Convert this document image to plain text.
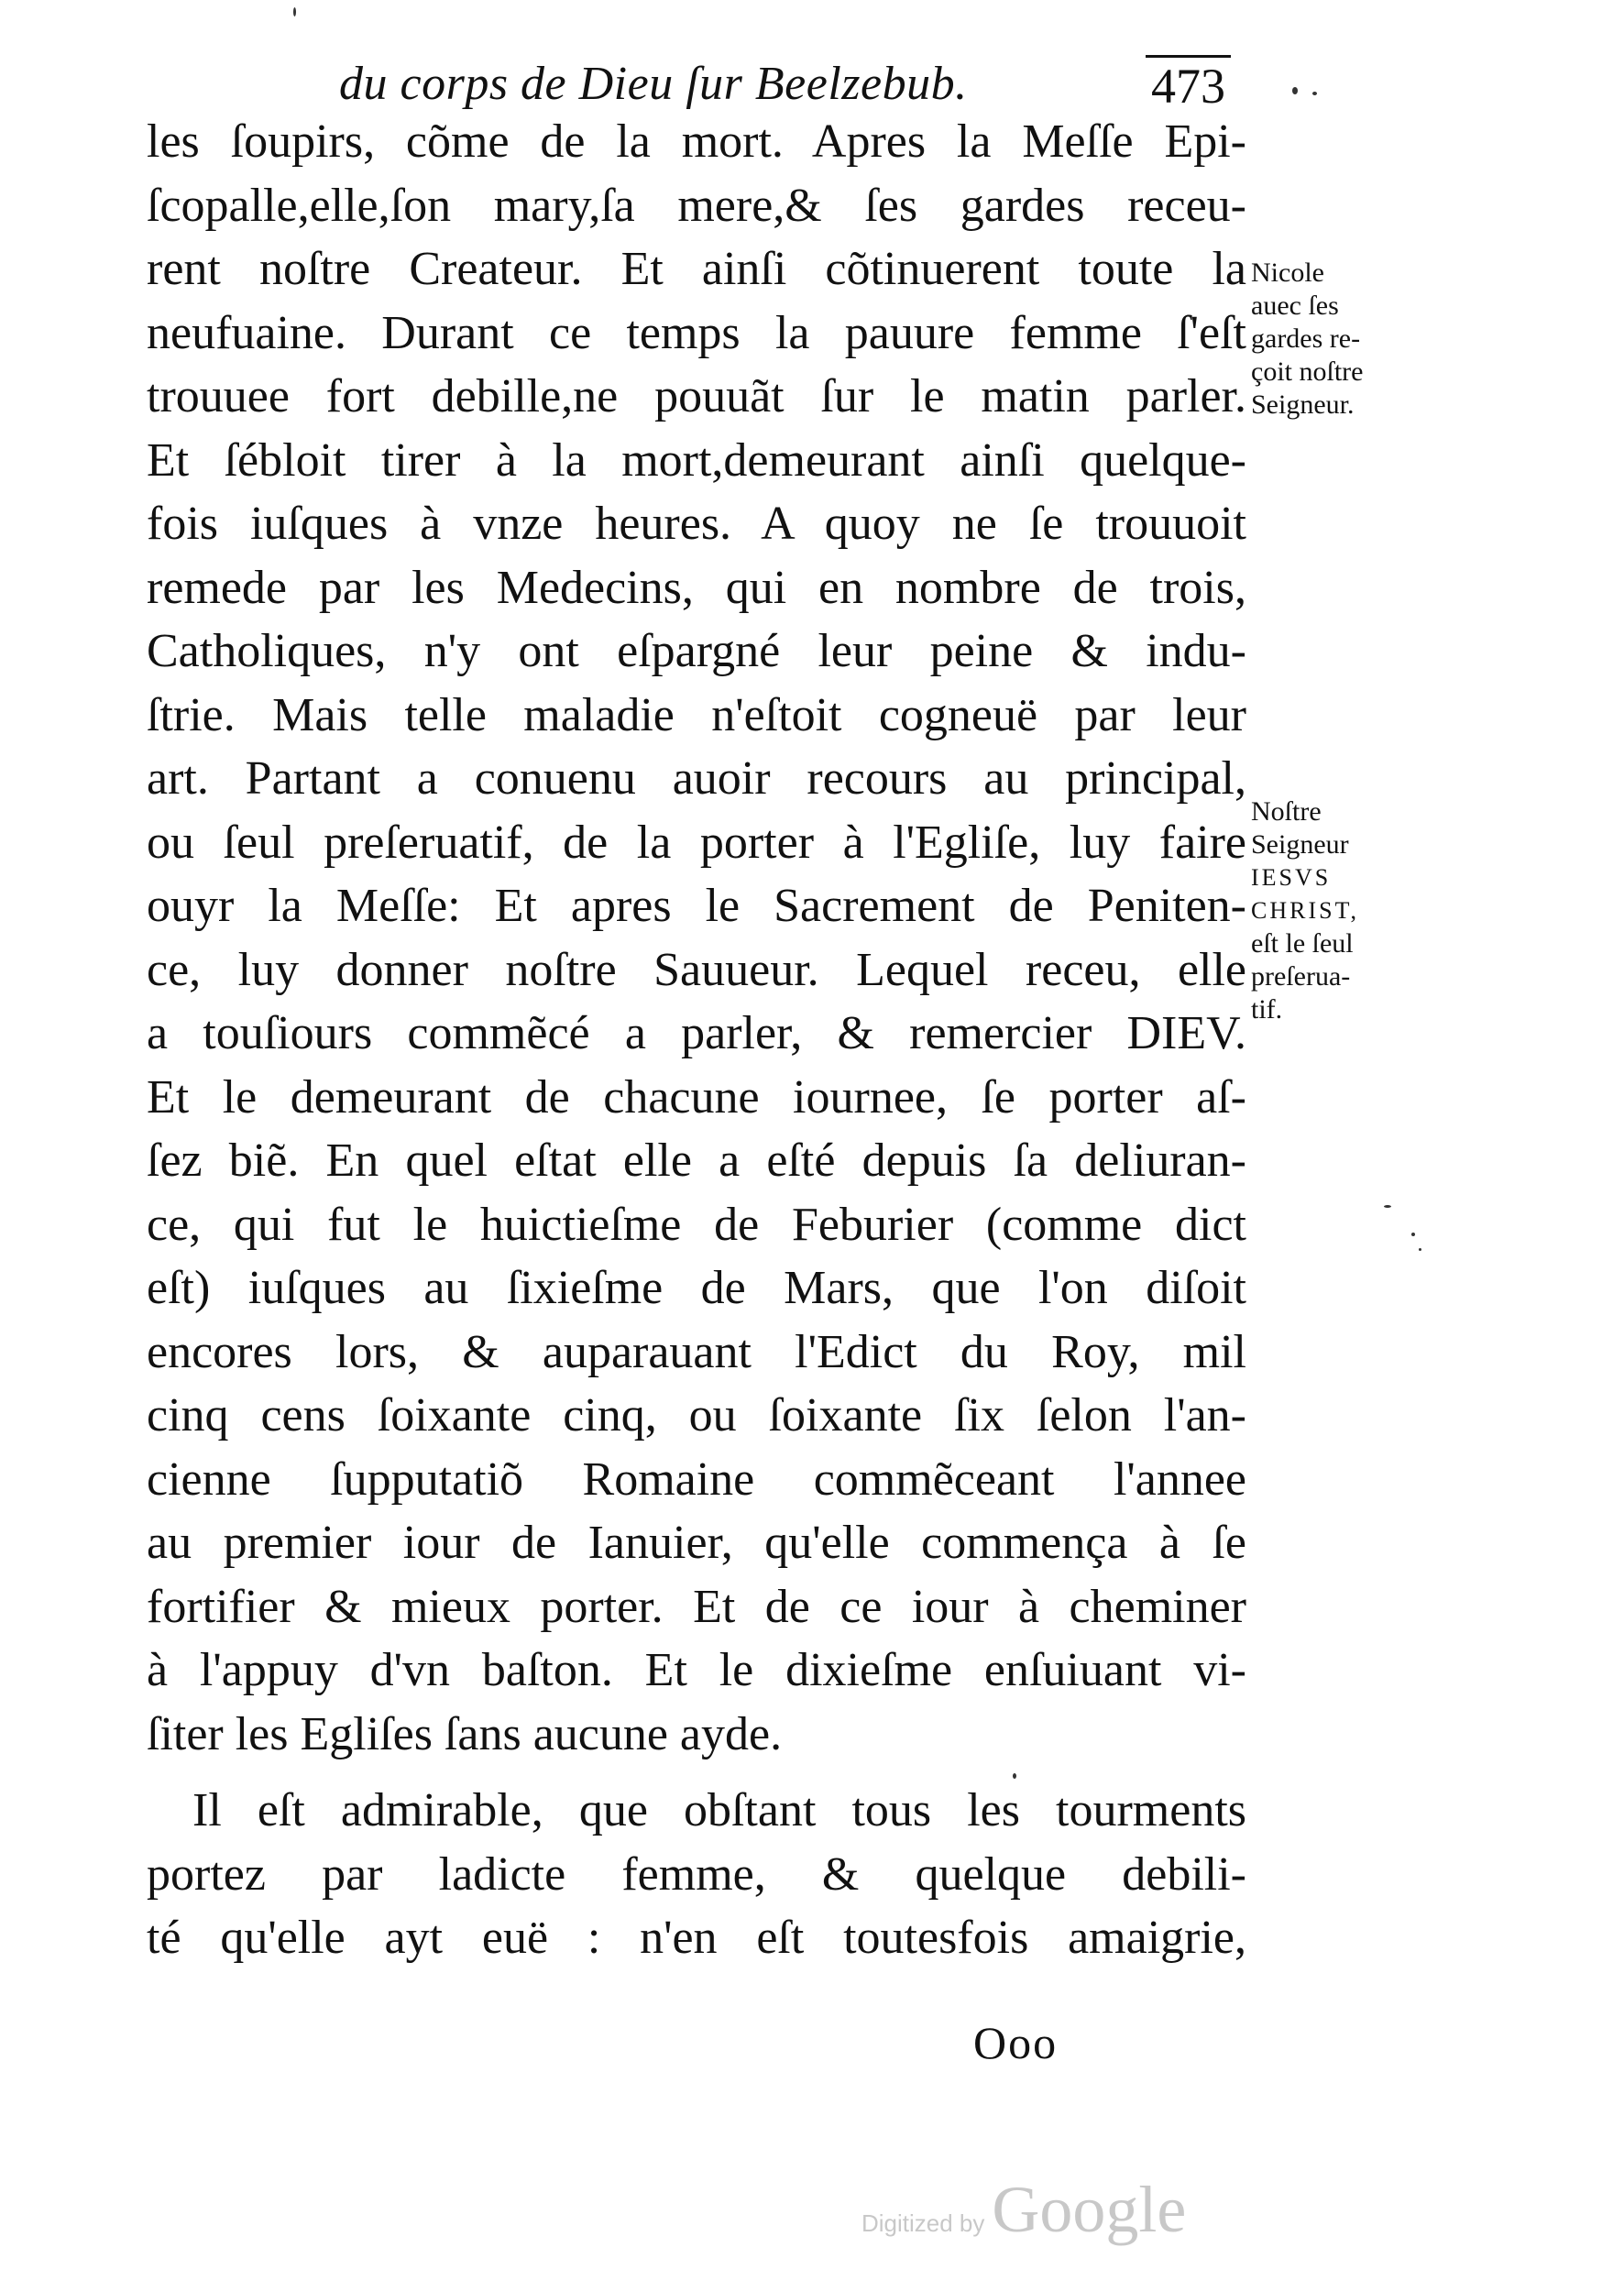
du corps de Dieu ſur Beelzebub.	473
les ſoupirs, cõme de la mort. Apres la Meſſe Epi-
ſcopalle,elle,ſon mary,ſa mere,& ſes gardes receu-
rent noſtre Createur. Et ainſi cõtinuerent toute la
neufuaine. Durant ce temps la pauure femme ſ'eſt
trouuee fort debille,ne pouuãt ſur le matin parler.
Et ſébloit tirer à la mort,demeurant ainſi quelque-
fois iuſques à vnze heures. A quoy ne ſe trouuoit
remede par les Medecins, qui en nombre de trois,
Catholiques, n'y ont eſpargné leur peine & indu-
ſtrie. Mais telle maladie n'eſtoit cogneuë par leur
art. Partant a conuenu auoir recours au principal,
ou ſeul preſeruatif, de la porter à l'Egliſe, luy faire
ouyr la Meſſe: Et apres le Sacrement de Peniten-
ce, luy donner noſtre Sauueur. Lequel receu, elle
a touſiours commẽcé a parler, & remercier DIEV.
Et le demeurant de chacune iournee, ſe porter aſ-
ſez biẽ. En quel eſtat elle a eſté depuis ſa deliuran-
ce, qui fut le huictieſme de Feburier (comme dict
eſt) iuſques au ſixieſme de Mars, que l'on diſoit
encores lors, & auparauant l'Edict du Roy, mil
cinq cens ſoixante cinq, ou ſoixante ſix ſelon l'an-
cienne ſupputatiõ Romaine commẽceant l'annee
au premier iour de Ianuier, qu'elle commença à ſe
fortifier & mieux porter. Et de ce iour à cheminer
à l'appuy d'vn baſton. Et le dixieſme enſuiuant vi-
ſiter les Egliſes ſans aucune ayde.
Il eſt admirable, que obſtant tous les tourments
portez par ladicte femme, & quelque debili-
té qu'elle ayt euë : n'en eſt toutesfois amaigrie,
Nicole
auec ſes
gardes re-
çoit noſtre
Seigneur.
Noſtre
Seigneur
IESVS
CHRIST,
eſt le ſeul
preſerua-
tif.
Ooo
Digitized by Google
